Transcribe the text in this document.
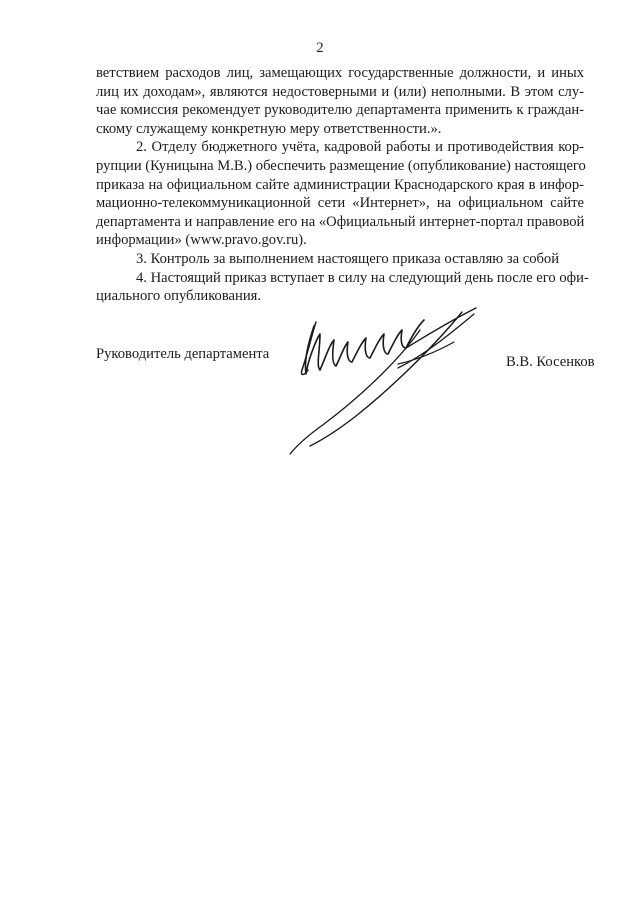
2

ветствием расходов лиц, замещающих государственные должности, и иных
лиц их доходам», являются недостоверными и (или) неполными. В этом слу-
чае комиссия рекомендует руководителю департамента применить к граждан-
скому служащему конкретную меру ответственности.».

2. Отделу бюджетного учёта, кадровой работы и противодействия кор-
рупции (Куницына М.В.) обеспечить размещение (опубликование) настоящего
приказа на официальном сайте администрации Краснодарского края в инфор-
мационно-телекоммуникационной сети «Интернет», на официальном сайте
департамента и направление его на «Официальный интернет-портал правовой
информации» (www.pravo.gov.ru).

3. Контроль за выполнением настоящего приказа оставляю за собой

4. Настоящий приказ вступает в силу на следующий день после его офи-
циального опубликования.

Руководитель департамента	В.В. Косенков
